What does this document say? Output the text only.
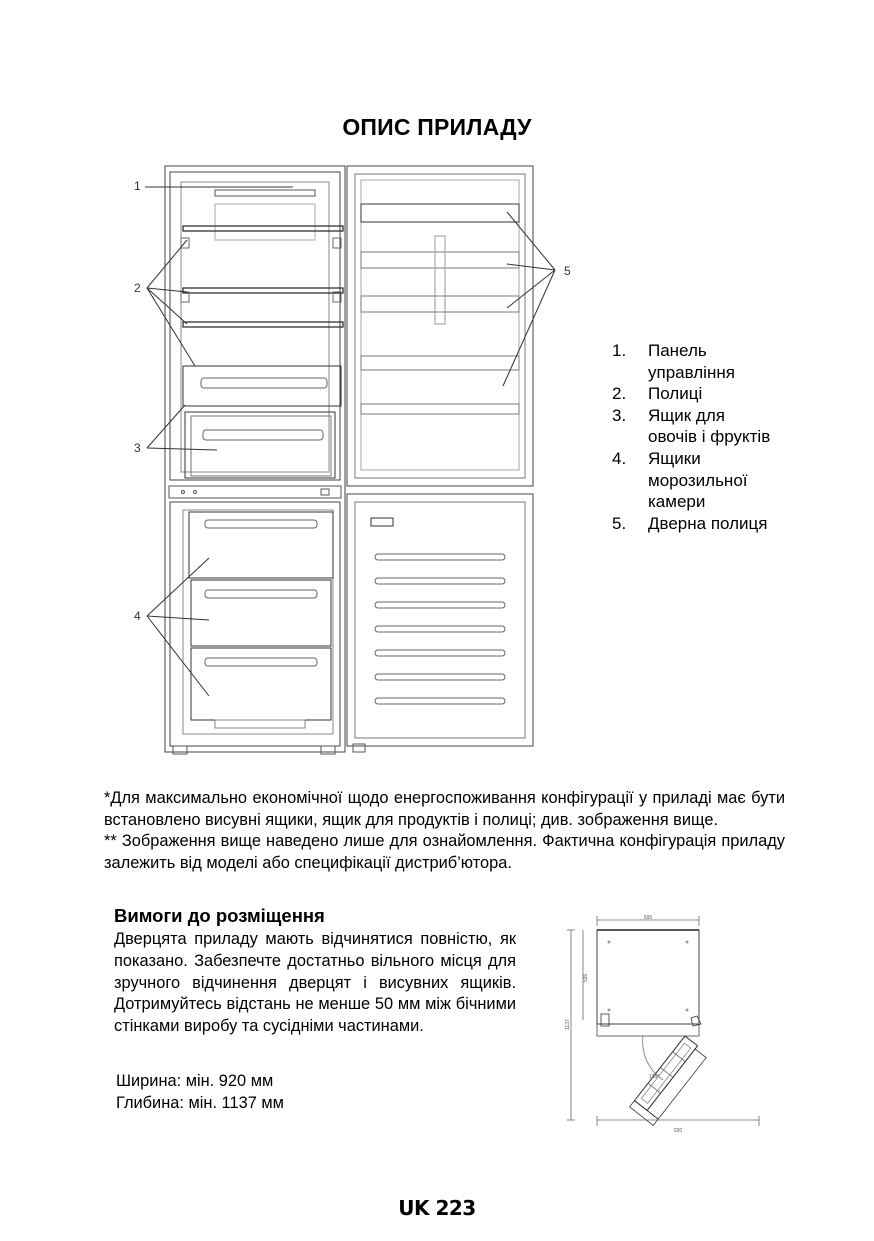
ОПИС ПРИЛАДУ
1
2
3
4
5
1.	Панель управління
2.	Полиці
3.	Ящик для овочів і фруктів
4.	Ящики морозильної камери
5.	Дверна полиця

*Для максимально економічної щодо енергоспоживання конфігурації у приладі має бути встановлено висувні ящики, ящик для продуктів і полиці; див. зображення вище.

** Зображення вище наведено лише для ознайомлення. Фактична конфігурація приладу залежить від моделі або специфікації дистриб’ютора.

Вимоги до розміщення
Дверцята приладу мають відчинятися повністю, як показано. Забезпечте достатньо вільного місця для зручного відчинення дверцят і висувних ящиків. Дотримуйтесь відстань не менше 50 мм між бічними стінками виробу та сусідніми частинами.
Ширина: мін. 920 мм
Глибина: мін. 1137 мм
595
595
1137
920
135°
UK 223
